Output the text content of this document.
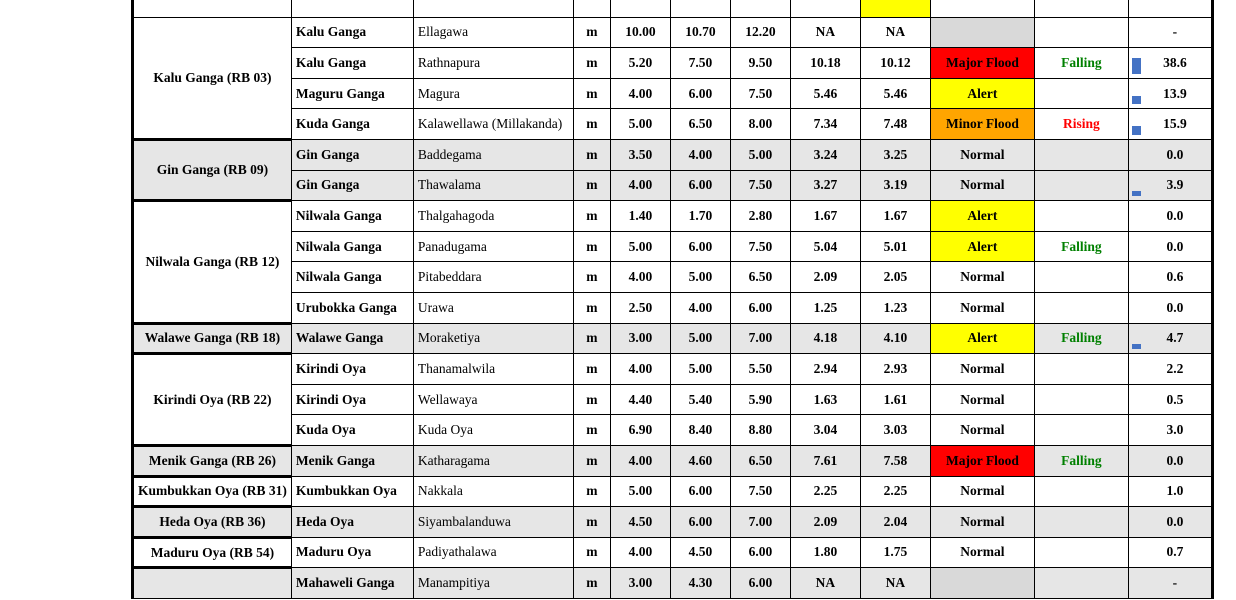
Kalu Ganga (RB 03)	Kalu Ganga	Ellagawa	m	10.00	10.70	12.20	NA	NA			-
	Kalu Ganga	Rathnapura	m	5.20	7.50	9.50	10.18	10.12	Major Flood	Falling	38.6
	Maguru Ganga	Magura	m	4.00	6.00	7.50	5.46	5.46	Alert		13.9
	Kuda Ganga	Kalawellawa (Millakanda)	m	5.00	6.50	8.00	7.34	7.48	Minor Flood	Rising	15.9
Gin Ganga (RB 09)	Gin Ganga	Baddegama	m	3.50	4.00	5.00	3.24	3.25	Normal		0.0
	Gin Ganga	Thawalama	m	4.00	6.00	7.50	3.27	3.19	Normal		3.9
Nilwala Ganga (RB 12)	Nilwala Ganga	Thalgahagoda	m	1.40	1.70	2.80	1.67	1.67	Alert		0.0
	Nilwala Ganga	Panadugama	m	5.00	6.00	7.50	5.04	5.01	Alert	Falling	0.0
	Nilwala Ganga	Pitabeddara	m	4.00	5.00	6.50	2.09	2.05	Normal		0.6
	Urubokka Ganga	Urawa	m	2.50	4.00	6.00	1.25	1.23	Normal		0.0
Walawe Ganga (RB 18)	Walawe Ganga	Moraketiya	m	3.00	5.00	7.00	4.18	4.10	Alert	Falling	4.7
Kirindi Oya (RB 22)	Kirindi Oya	Thanamalwila	m	4.00	5.00	5.50	2.94	2.93	Normal		2.2
	Kirindi Oya	Wellawaya	m	4.40	5.40	5.90	1.63	1.61	Normal		0.5
	Kuda Oya	Kuda Oya	m	6.90	8.40	8.80	3.04	3.03	Normal		3.0
Menik Ganga (RB 26)	Menik Ganga	Katharagama	m	4.00	4.60	6.50	7.61	7.58	Major Flood	Falling	0.0
Kumbukkan Oya (RB 31)	Kumbukkan Oya	Nakkala	m	5.00	6.00	7.50	2.25	2.25	Normal		1.0
Heda Oya (RB 36)	Heda Oya	Siyambalanduwa	m	4.50	6.00	7.00	2.09	2.04	Normal		0.0
Maduru Oya (RB 54)	Maduru Oya	Padiyathalawa	m	4.00	4.50	6.00	1.80	1.75	Normal		0.7
	Mahaweli Ganga	Manampitiya	m	3.00	4.30	6.00	NA	NA			-
